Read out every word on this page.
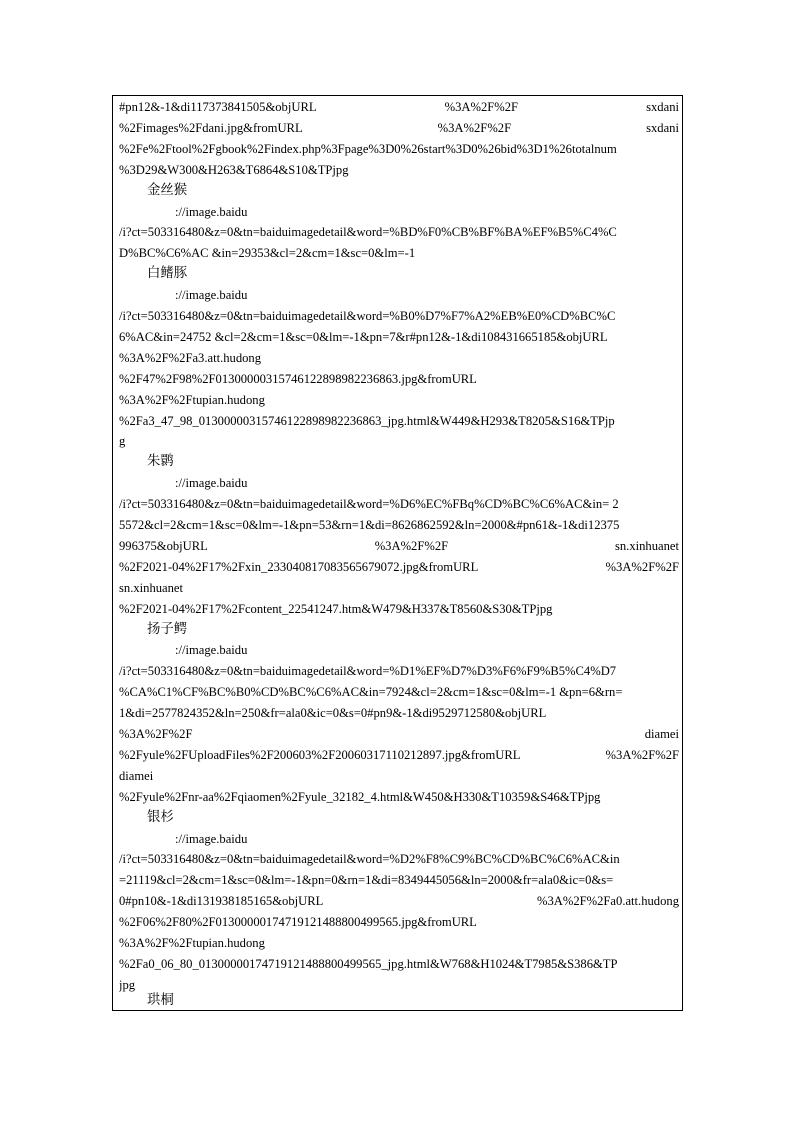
#pn12&-1&di117373841505&objURL	%3A%2F%2F	sxdani
%2Fimages%2Fdani.jpg&fromURL	%3A%2F%2F	sxdani
%2Fe%2Ftool%2Fgbook%2Findex.php%3Fpage%3D0%26start%3D0%26bid%3D1%26totalnum
%3D29&W300&H263&T6864&S10&TPjpg
金丝猴
://image.baidu
/i?ct=503316480&z=0&tn=baiduimagedetail&word=%BD%F0%CB%BF%BA%EF%B5%C4%C
D%BC%C6%AC &in=29353&cl=2&cm=1&sc=0&lm=-1
白鳍豚
://image.baidu
/i?ct=503316480&z=0&tn=baiduimagedetail&word=%B0%D7%F7%A2%EB%E0%CD%BC%C
6%AC&in=24752 &cl=2&cm=1&sc=0&lm=-1&pn=7&r#pn12&-1&di108431665185&objURL
%3A%2F%2Fa3.att.hudong
%2F47%2F98%2F01300000315746122898982236863.jpg&fromURL
%3A%2F%2Ftupian.hudong
%2Fa3_47_98_01300000315746122898982236863_jpg.html&W449&H293&T8205&S16&TPjp
g
朱鹮
://image.baidu
/i?ct=503316480&z=0&tn=baiduimagedetail&word=%D6%EC%FBq%CD%BC%C6%AC&in= 2
5572&cl=2&cm=1&sc=0&lm=-1&pn=53&rn=1&di=8626862592&ln=2000&#pn61&-1&di12375
996375&objURL	%3A%2F%2F	sn.xinhuanet
%2F2021-04%2F17%2Fxin_233040817083565679072.jpg&fromURL	%3A%2F%2F
sn.xinhuanet
%2F2021-04%2F17%2Fcontent_22541247.htm&W479&H337&T8560&S30&TPjpg
扬子鳄
://image.baidu
/i?ct=503316480&z=0&tn=baiduimagedetail&word=%D1%EF%D7%D3%F6%F9%B5%C4%D7
%CA%C1%CF%BC%B0%CD%BC%C6%AC&in=7924&cl=2&cm=1&sc=0&lm=-1 &pn=6&rn=
1&di=2577824352&ln=250&fr=ala0&ic=0&s=0#pn9&-1&di9529712580&objURL
%3A%2F%2F	diamei
%2Fyule%2FUploadFiles%2F200603%2F20060317110212897.jpg&fromURL	%3A%2F%2F
diamei
%2Fyule%2Fnr-aa%2Fqiaomen%2Fyule_32182_4.html&W450&H330&T10359&S46&TPjpg
银杉
://image.baidu
/i?ct=503316480&z=0&tn=baiduimagedetail&word=%D2%F8%C9%BC%CD%BC%C6%AC&in
=21119&cl=2&cm=1&sc=0&lm=-1&pn=0&rn=1&di=8349445056&ln=2000&fr=ala0&ic=0&s=
0#pn10&-1&di131938185165&objURL	%3A%2F%2Fa0.att.hudong
%2F06%2F80%2F01300000174719121488800499565.jpg&fromURL
%3A%2F%2Ftupian.hudong
%2Fa0_06_80_01300000174719121488800499565_jpg.html&W768&H1024&T7985&S386&TP
jpg
珙桐
